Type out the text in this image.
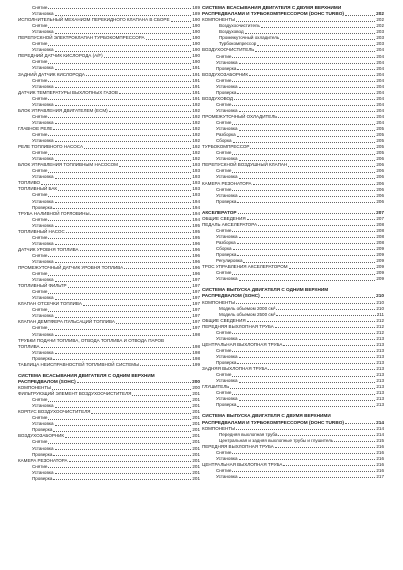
Снятие	189
Установка	189
ИСПОЛНИТЕЛЬНЫЙ МЕХАНИЗМ ПЕРЕКИДНОГО КЛАПАНА В СБОРЕ	190
Снятие	190
Установка	190
ПЕРЕПУСКНОЙ ЭЛЕКТРОКЛАПАН ТУРБОКОМПРЕССОРА	190
Снятие	190
Установка	190
ПЕРЕДНИЙ ДАТЧИК КИСЛОРОДА (A/F)	190
Снятие	190
Установка	191
ЗАДНИЙ ДАТЧИК КИСЛОРОДА	191
Снятие	191
Установка	191
ДАТЧИК ТЕМПЕРАТУРЫ ВЫХЛОПНЫХ ГАЗОВ	191
Снятие	191
Установка	192
БЛОК УПРАВЛЕНИЯ ДВИГАТЕЛЕМ (ECM)	192
Снятие	192
Установка	192
ГЛАВНОЕ РЕЛЕ	192
Снятие	192
Установка	192
РЕЛЕ ТОПЛИВНОГО НАСОСА	192
Снятие	192
Установка	192
БЛОК УПРАВЛЕНИЯ ТОПЛИВНЫМ НАСОСОМ	193
Снятие	193
Установка	193
ТОПЛИВО	193
ТОПЛИВНЫЙ БАК	193
Снятие	193
Установка	194
Проверка	194
ТРУБА НАЛИВНОЙ ГОРЛОВИНЫ	194
Снятие	194
Установка	195
ТОПЛИВНЫЙ НАСОС	195
Снятие	195
Установка	196
ДАТЧИК УРОВНЯ ТОПЛИВА	196
Снятие	196
Установка	196
ПРОМЕЖУТОЧНЫЙ ДАТЧИК УРОВНЯ ТОПЛИВА	196
Снятие	196
Установка	197
ТОПЛИВНЫЙ ФИЛЬТР	197
Снятие	197
Установка	197
КЛАПАН ОТСЕЧКИ ТОПЛИВА	197
Снятие	197
Установка	197
КЛАПАН ДЕМПФЕРА ПУЛЬСАЦИЙ ТОПЛИВА	197
Снятие	197
Установка	198
ТРУБКИ ПОДАЧИ ТОПЛИВА, ОТВОДА ТОПЛИВА И ОТВОДА ПАРОВ
ТОПЛИВА	198
Установка	198
Проверка	198
ТАБЛИЦА НЕИСПРАВНОСТЕЙ ТОПЛИВНОЙ СИСТЕМЫ	199
СИСТЕМА ВСАСЫВАНИЯ ДВИГАТЕЛЯ С ОДНИМ ВЕРХНИМ
РАСПРЕДВАЛОМ (SOHC)	200
КОМПОНЕНТЫ	200
ФИЛЬТРУЮЩИЙ ЭЛЕМЕНТ ВОЗДУХООЧИСТИТЕЛЯ	201
Снятие	201
Установка	201
КОРПУС ВОЗДУХООЧИСТИТЕЛЯ	201
Снятие	201
Установка	201
Проверка	201
ВОЗДУХОЗАБОРНИК	201
Снятие	201
Установка	201
Проверка	201
КАМЕРА РЕЗОНАТОРА	201
Снятие	201
Установка	201
Проверка	201
СИСТЕМА ВСАСЫВАНИЯ ДВИГАТЕЛЯ С ДВУМЯ ВЕРХНИМИ
РАСПРЕДВАЛАМИ И ТУРБОКОМПРЕССОРОМ (DOHC TURBO)	202
КОМПОНЕНТЫ	202
Воздухоочиститель	202
Воздуховод	203
Промежуточный охладитель	203
Турбокомпрессор	203
ВОЗДУХООЧИСТИТЕЛЬ	204
Снятие	204
Установка	204
Проверка	204
ВОЗДУХОЗАБОРНИК	204
Снятие	204
Установка	204
Проверка	204
ВОЗДУХОВОД	204
Снятие	204
Установка	204
ПРОМЕЖУТОЧНЫЙ ОХЛАДИТЕЛЬ	204
Снятие	204
Установка	205
Разборка	205
Сборка	205
ТУРБОКОМПРЕССОР	205
Снятие	205
Установка	206
ПЕРЕПУСКНОЙ ВОЗДУШНЫЙ КЛАПАН	206
Снятие	206
Установка	206
КАМЕРА РЕЗОНАТОРА	206
Снятие	206
Установка	206
Проверка	206
АКСЕЛЕРАТОР	207
ОБЩИЕ СВЕДЕНИЯ	207
ПЕДАЛЬ АКСЕЛЕРАТОРА	208
Снятие	208
Установка	208
Разборка	208
Сборка	209
Проверка	209
Регулировка	209
ТРОС УПРАВЛЕНИЯ АКСЕЛЕРАТОРОМ	209
Снятие	209
Установка	209
СИСТЕМА ВЫПУСКА ДВИГАТЕЛЯ С ОДНИМ ВЕРХНИМ
РАСПРЕДВАЛОМ (SOHC)	210
КОМПОНЕНТЫ	210
Модель объемом 2000 см³	210
Модель объемом 2500 см³	211
ОБЩИЕ СВЕДЕНИЯ	212
ПЕРЕДНЯЯ ВЫХЛОПНАЯ ТРУБА	212
Снятие	212
Установка	213
ЦЕНТРАЛЬНАЯ ВЫХЛОПНАЯ ТРУБА	213
Снятие	213
Установка	213
Проверка	213
ЗАДНЯЯ ВЫХЛОПНАЯ ТРУБА	213
Снятие	213
Установка	213
ГЛУШИТЕЛЬ	213
Снятие	213
Установка	213
Проверка	213
СИСТЕМА ВЫПУСКА ДВИГАТЕЛЯ С ДВУМЯ ВЕРХНИМИ
РАСПРЕДВАЛАМИ И ТУРБОКОМПРЕССОРОМ (DOHC TURBO)	214
КОМПОНЕНТЫ	214
Передняя выхлопная труба	214
Центральная и задняя выхлопные трубы и глушитель	215
ПЕРЕДНЯЯ ВЫХЛОПНАЯ ТРУБА	216
Снятие	216
Установка	216
ЦЕНТРАЛЬНАЯ ВЫХЛОПНАЯ ТРУБА	216
Снятие	216
Установка	217
